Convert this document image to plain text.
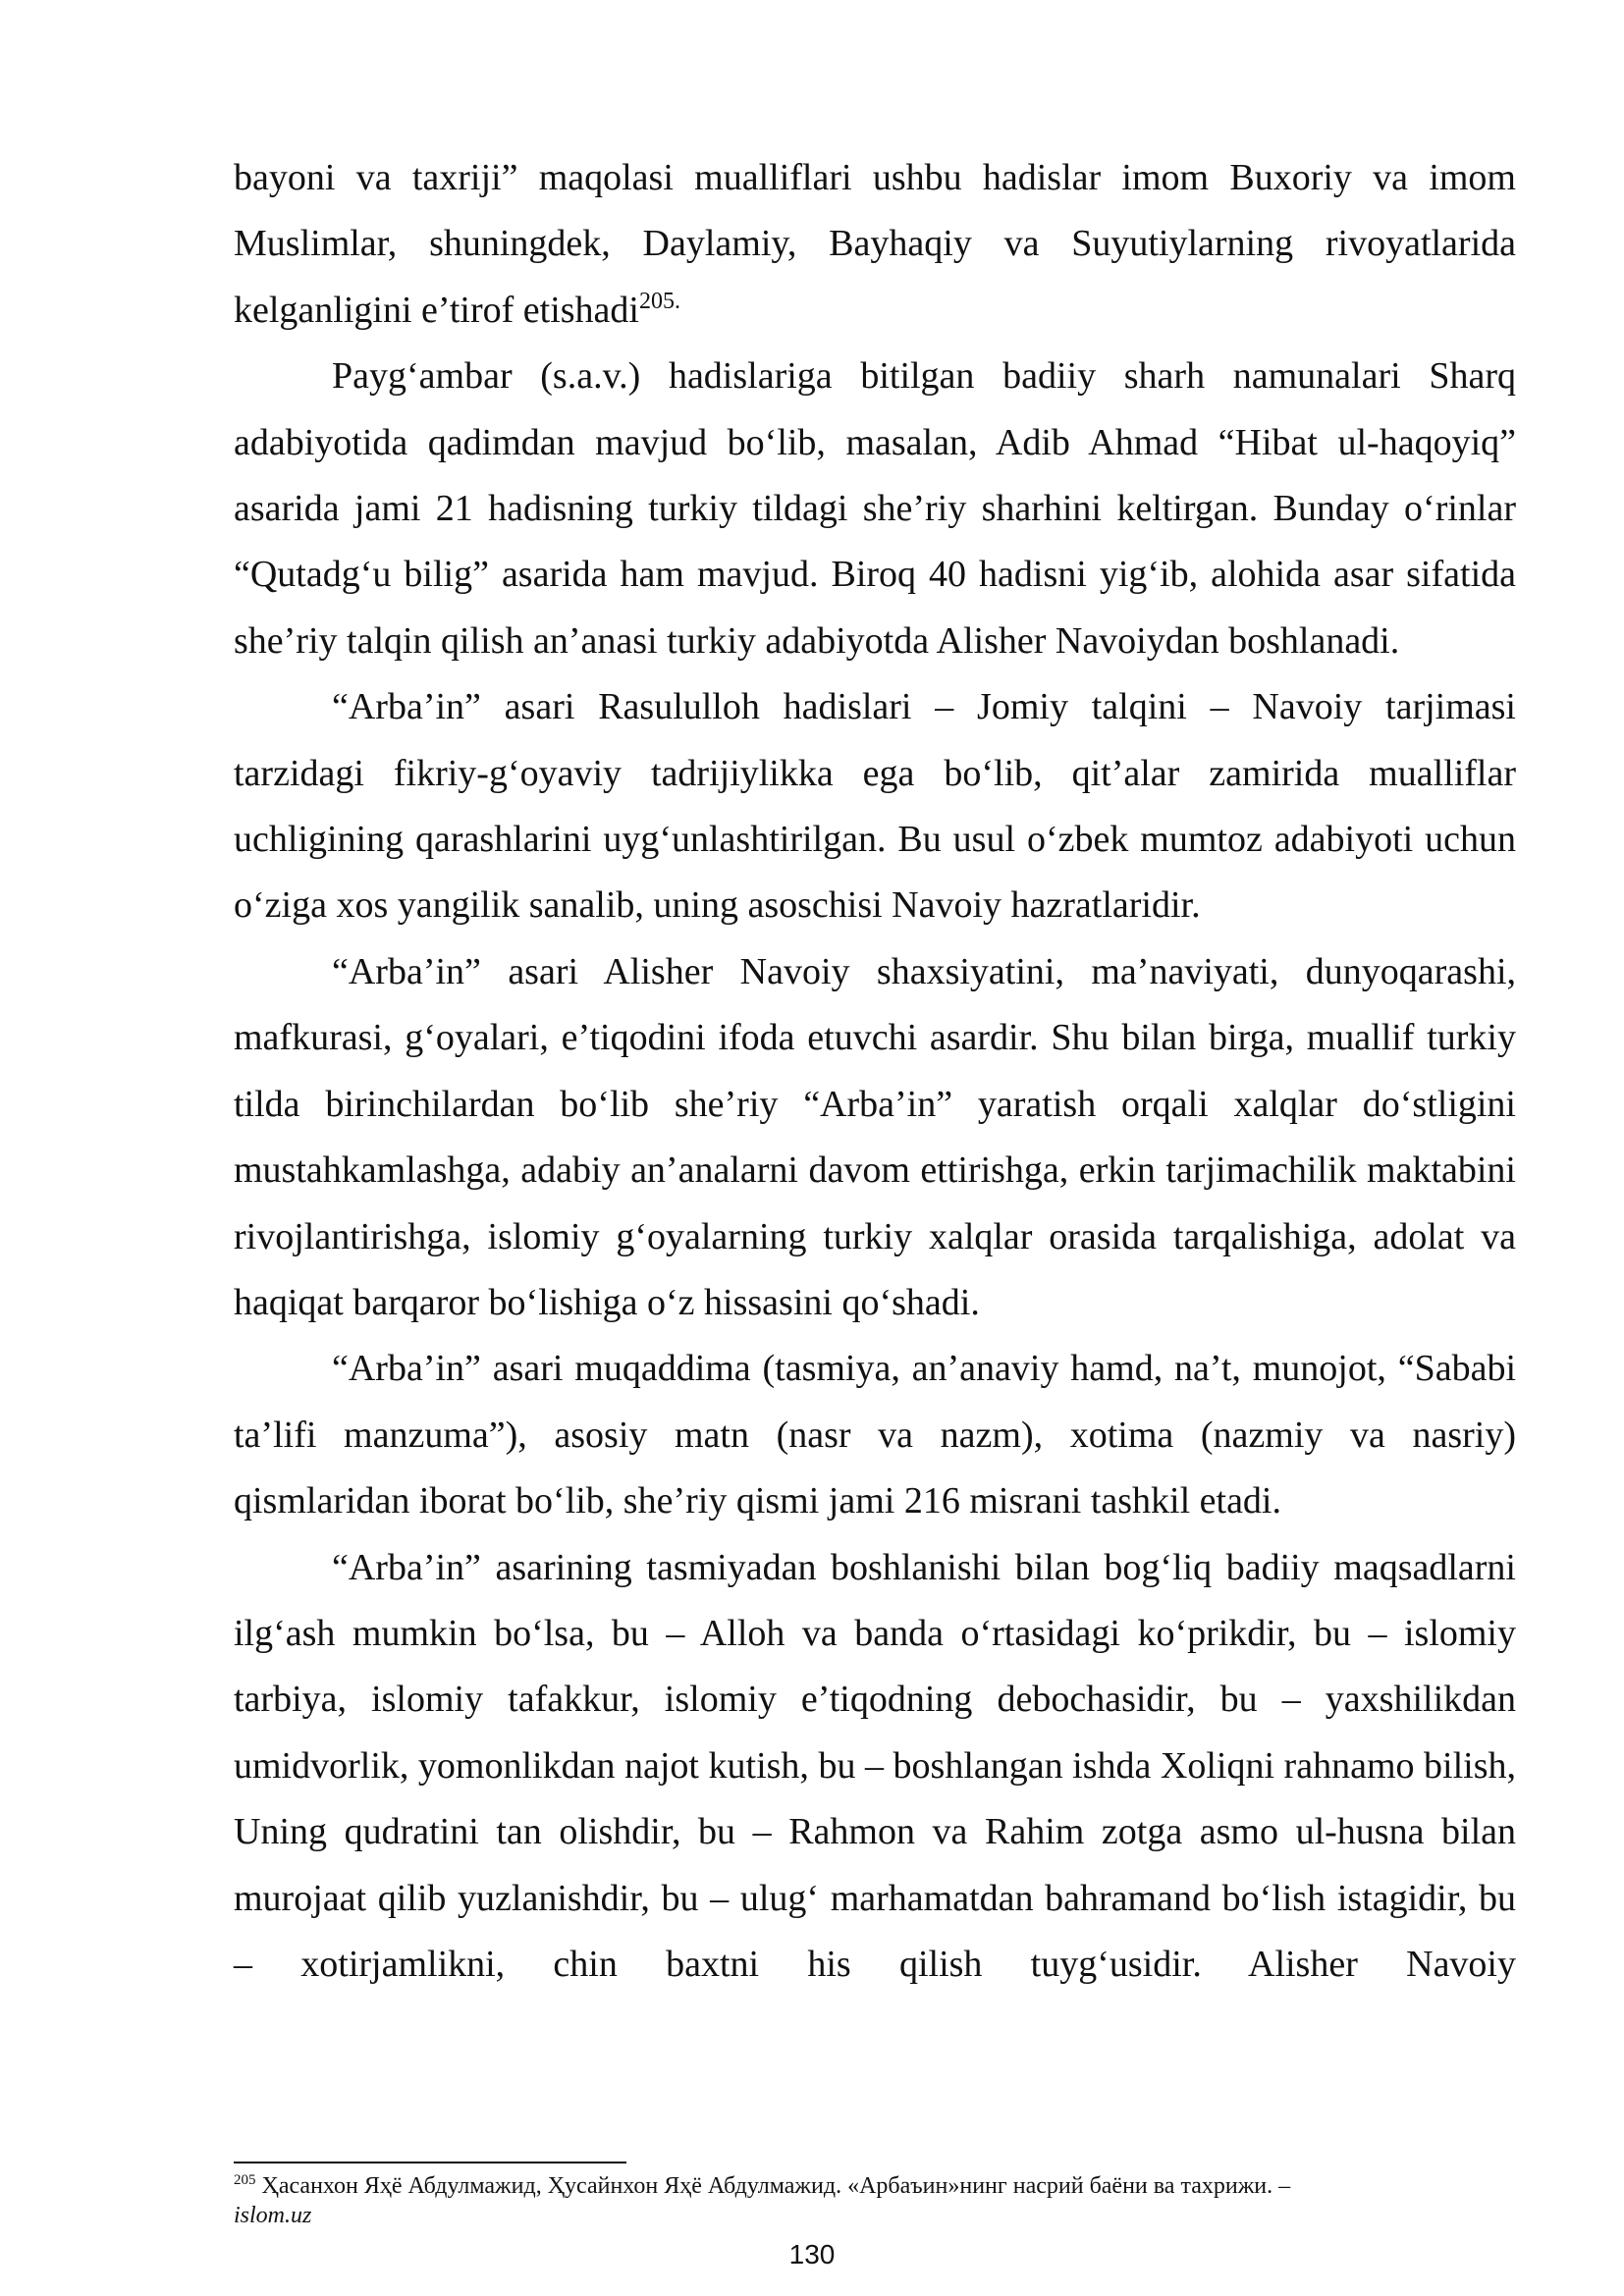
bayoni va taxriji” maqolasi mualliflari ushbu hadislar imom Buxoriy va imom Muslimlar, shuningdek, Daylamiy, Bayhaqiy va Suyutiylarning rivoyatlarida kelganligini e’tirof etishadi$^{205.}$

Payg‘ambar (s.a.v.) hadislariga bitilgan badiiy sharh namunalari Sharq adabiyotida qadimdan mavjud bo‘lib, masalan, Adib Ahmad “Hibat ul-haqoyiq” asarida jami 21 hadisning turkiy tildagi she’riy sharhini keltirgan. Bunday o‘rinlar “Qutadg‘u bilig” asarida ham mavjud. Biroq 40 hadisni yig‘ib, alohida asar sifatida she’riy talqin qilish an’anasi turkiy adabiyotda Alisher Navoiydan boshlanadi.

“Arba’in” asari Rasululloh hadislari – Jomiy talqini – Navoiy tarjimasi tarzidagi fikriy-g‘oyaviy tadrijiylikka ega bo‘lib, qit’alar zamirida mualliflar uchligining qarashlarini uyg‘unlashtirilgan. Bu usul o‘zbek mumtoz adabiyoti uchun o‘ziga xos yangilik sanalib, uning asoschisi Navoiy hazratlaridir.

“Arba’in” asari Alisher Navoiy shaxsiyatini, ma’naviyati, dunyoqarashi, mafkurasi, g‘oyalari, e’tiqodini ifoda etuvchi asardir. Shu bilan birga, muallif turkiy tilda birinchilardan bo‘lib she’riy “Arba’in” yaratish orqali xalqlar do‘stligini mustahkamlashga, adabiy an’analarni davom ettirishga, erkin tarjimachilik maktabini rivojlantirishga, islomiy g‘oyalarning turkiy xalqlar orasida tarqalishiga, adolat va haqiqat barqaror bo‘lishiga o‘z hissasini qo‘shadi.

“Arba’in” asari muqaddima (tasmiya, an’anaviy hamd, na’t, munojot, “Sababi ta’lifi manzuma”), asosiy matn (nasr va nazm), xotima (nazmiy va nasriy) qismlaridan iborat bo‘lib, she’riy qismi jami 216 misrani tashkil etadi.

“Arba’in” asarining tasmiyadan boshlanishi bilan bog‘liq badiiy maqsadlarni ilg‘ash mumkin bo‘lsa, bu – Alloh va banda o‘rtasidagi ko‘prikdir, bu – islomiy tarbiya, islomiy tafakkur, islomiy e’tiqodning debochasidir, bu – yaxshilikdan umidvorlik, yomonlikdan najot kutish, bu – boshlangan ishda Xoliqni rahnamo bilish, Uning qudratini tan olishdir, bu – Rahmon va Rahim zotga asmo ul-husna bilan murojaat qilib yuzlanishdir, bu – ulug‘ marhamatdan bahramand bo‘lish istagidir, bu – xotirjamlikni, chin baxtni his qilish tuyg‘usidir. Alisher Navoiy

$^{205}$ Ҳасанхон Яҳё Абдулмажид, Ҳусайнхон Яҳё Абдулмажид. «Арбаъин»нинг насрий баёни ва тахрижи. –
islom.uz
130
